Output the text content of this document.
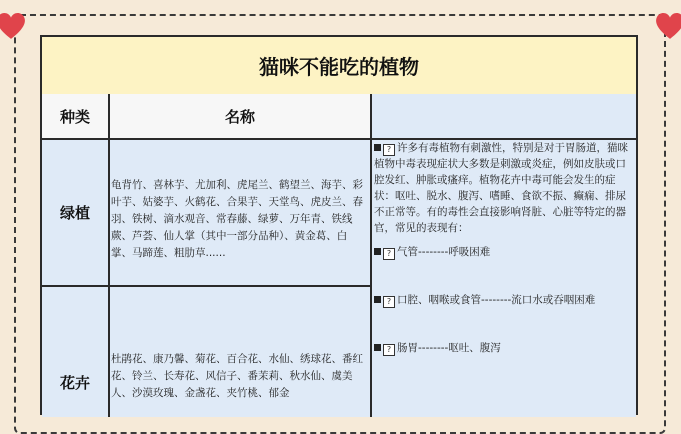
猫咪不能吃的植物
种类	名称
绿植
龟背竹、喜林芋、尤加利、虎尾兰、鹤望兰、海芋、彩叶芋、姑婆芋、火鹤花、合果芋、天堂鸟、虎皮兰、春羽、铁树、滴水观音、常春藤、绿萝、万年青、铁线蕨、芦荟、仙人掌（其中一部分品种）、黄金葛、白掌、马蹄莲、粗肋草......
花卉
杜鹃花、康乃馨、菊花、百合花、水仙、绣球花、番红花、铃兰、长寿花、风信子、番茉莉、秋水仙、虞美人、沙漠玫瑰、金盏花、夹竹桃、郁金

? 许多有毒植物有刺激性，特别是对于胃肠道，猫咪植物中毒表现症状大多数是刺激或炎症，例如皮肤或口腔发红、肿胀或瘙痒。植物花卉中毒可能会发生的症状：呕吐、脱水、腹泻、嗜睡、食欲不振、癫痫、排尿不正常等。有的毒性会直接影响肾脏、心脏等特定的器官，常见的表现有：

? 气管--------呼吸困难

? 口腔、咽喉或食管--------流口水或吞咽困难

? 肠胃--------呕吐、腹泻
